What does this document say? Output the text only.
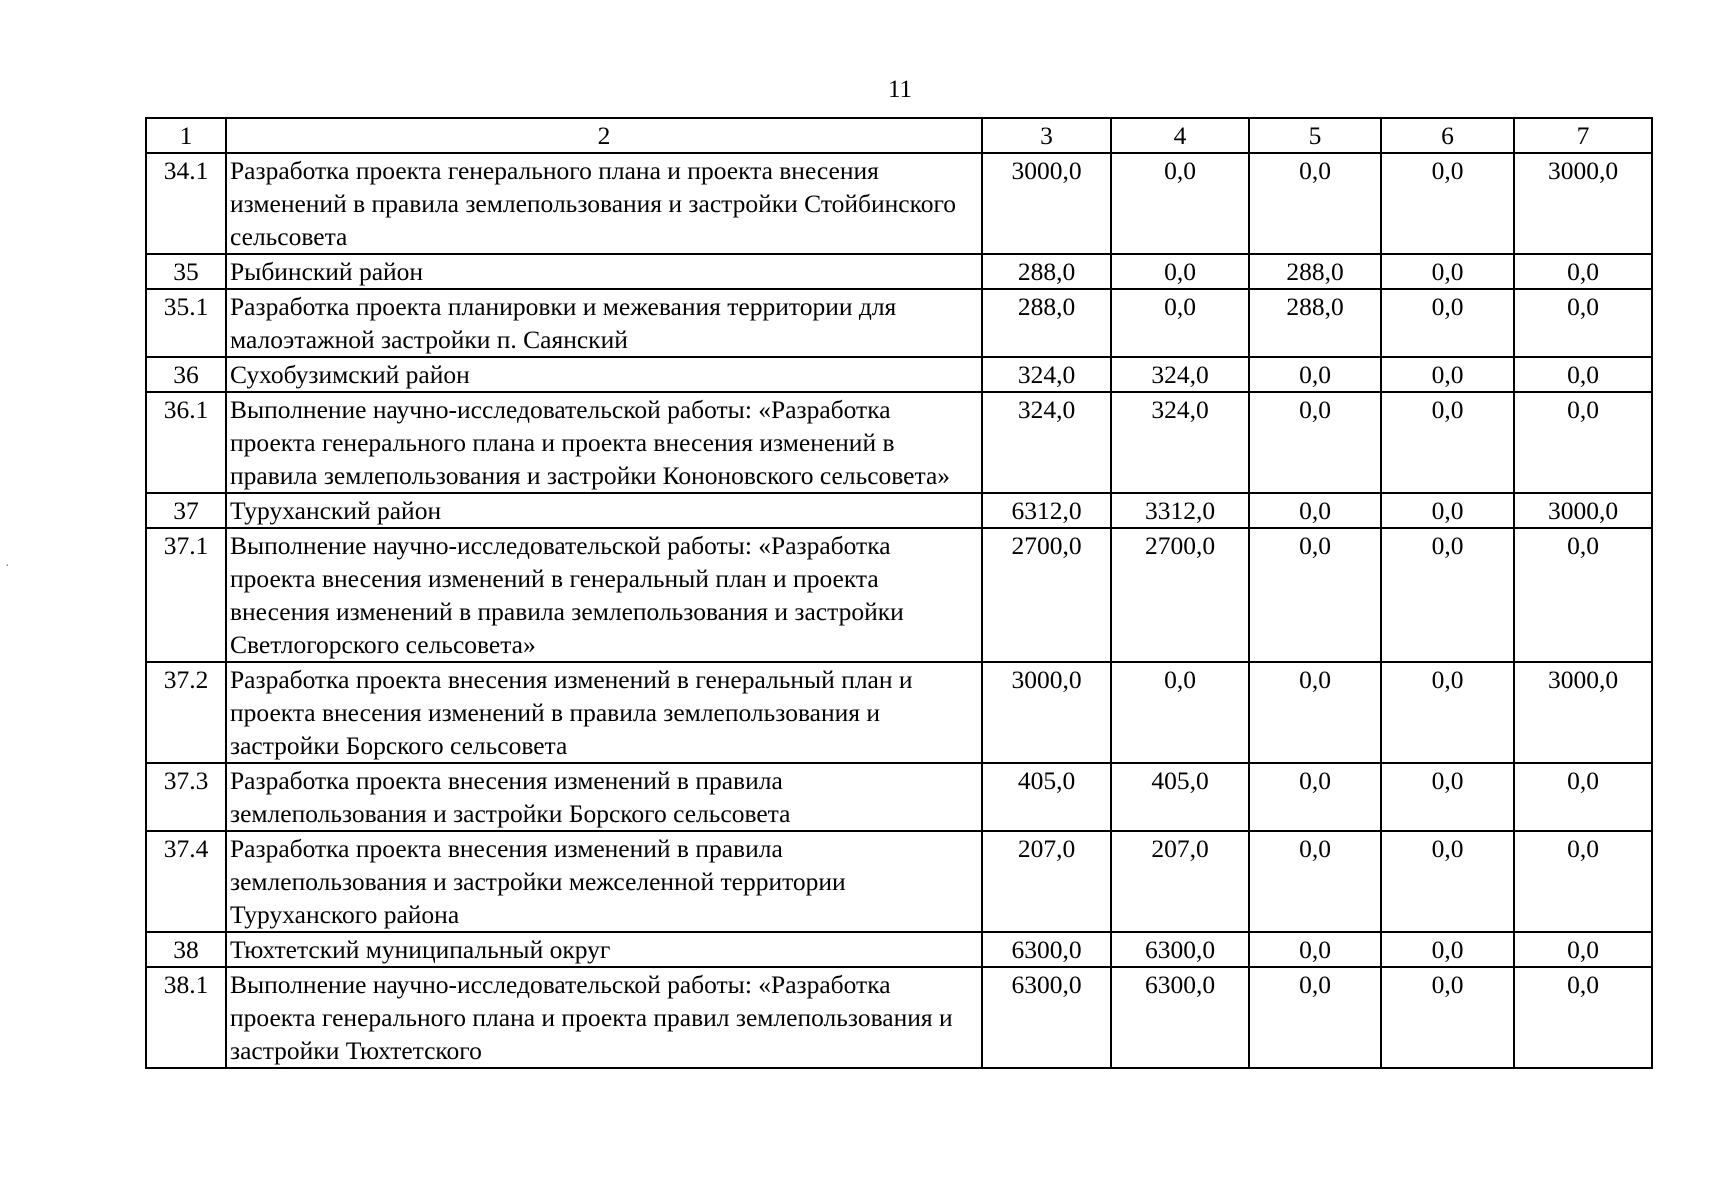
11
·
1	2	3	4	5	6	7
34.1	Разработка проекта генерального плана и проекта внесения изменений в правила землепользования и застройки Стойбинского сельсовета	3000,0	0,0	0,0	0,0	3000,0
35	Рыбинский район	288,0	0,0	288,0	0,0	0,0
35.1	Разработка проекта планировки и межевания территории для малоэтажной застройки п. Саянский	288,0	0,0	288,0	0,0	0,0
36	Сухобузимский район	324,0	324,0	0,0	0,0	0,0
36.1	Выполнение научно-исследовательской работы: «Разработка проекта генерального плана и проекта внесения изменений в правила землепользования и застройки Кононовского сельсовета»	324,0	324,0	0,0	0,0	0,0
37	Туруханский район	6312,0	3312,0	0,0	0,0	3000,0
37.1	Выполнение научно-исследовательской работы: «Разработка проекта внесения изменений в генеральный план и проекта внесения изменений в правила землепользования и застройки Светлогорского сельсовета»	2700,0	2700,0	0,0	0,0	0,0
37.2	Разработка проекта внесения изменений в генеральный план и проекта внесения изменений в правила землепользования и застройки Борского сельсовета	3000,0	0,0	0,0	0,0	3000,0
37.3	Разработка проекта внесения изменений в правила землепользования и застройки Борского сельсовета	405,0	405,0	0,0	0,0	0,0
37.4	Разработка проекта внесения изменений в правила землепользования и застройки межселенной территории Туруханского района	207,0	207,0	0,0	0,0	0,0
38	Тюхтетский муниципальный округ	6300,0	6300,0	0,0	0,0	0,0
38.1	Выполнение научно-исследовательской работы: «Разработка проекта генерального плана и проекта правил землепользования и застройки Тюхтетского	6300,0	6300,0	0,0	0,0	0,0
